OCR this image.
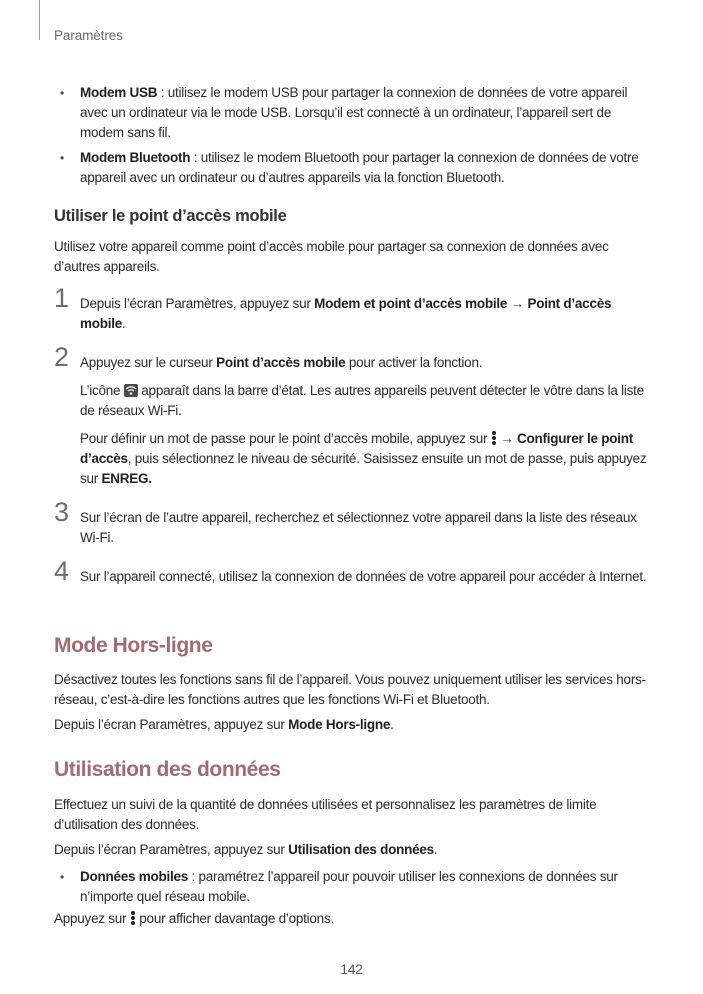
Paramètres
• Modem USB : utilisez le modem USB pour partager la connexion de données de votre appareil avec un ordinateur via le mode USB. Lorsqu’il est connecté à un ordinateur, l’appareil sert de modem sans fil.
• Modem Bluetooth : utilisez le modem Bluetooth pour partager la connexion de données de votre appareil avec un ordinateur ou d’autres appareils via la fonction Bluetooth.
Utiliser le point d’accès mobile
Utilisez votre appareil comme point d’accès mobile pour partager sa connexion de données avec d’autres appareils.
1 Depuis l’écran Paramètres, appuyez sur Modem et point d’accès mobile → Point d’accès mobile.
2 Appuyez sur le curseur Point d’accès mobile pour activer la fonction.
L’icône
apparaît dans la barre d’état. Les autres appareils peuvent détecter le vôtre dans la liste de réseaux Wi-Fi.
Pour définir un mot de passe pour le point d’accès mobile, appuyez sur
→ Configurer le point d’accès, puis sélectionnez le niveau de sécurité. Saisissez ensuite un mot de passe, puis appuyez sur ENREG.
3 Sur l’écran de l’autre appareil, recherchez et sélectionnez votre appareil dans la liste des réseaux Wi-Fi.
4 Sur l’appareil connecté, utilisez la connexion de données de votre appareil pour accéder à Internet.
Mode Hors-ligne
Désactivez toutes les fonctions sans fil de l’appareil. Vous pouvez uniquement utiliser les services hors-réseau, c’est-à-dire les fonctions autres que les fonctions Wi-Fi et Bluetooth.
Depuis l’écran Paramètres, appuyez sur Mode Hors-ligne.
Utilisation des données
Effectuez un suivi de la quantité de données utilisées et personnalisez les paramètres de limite d’utilisation des données.
Depuis l’écran Paramètres, appuyez sur Utilisation des données.
• Données mobiles : paramétrez l’appareil pour pouvoir utiliser les connexions de données sur n’importe quel réseau mobile.
Appuyez sur
pour afficher davantage d’options.
142
